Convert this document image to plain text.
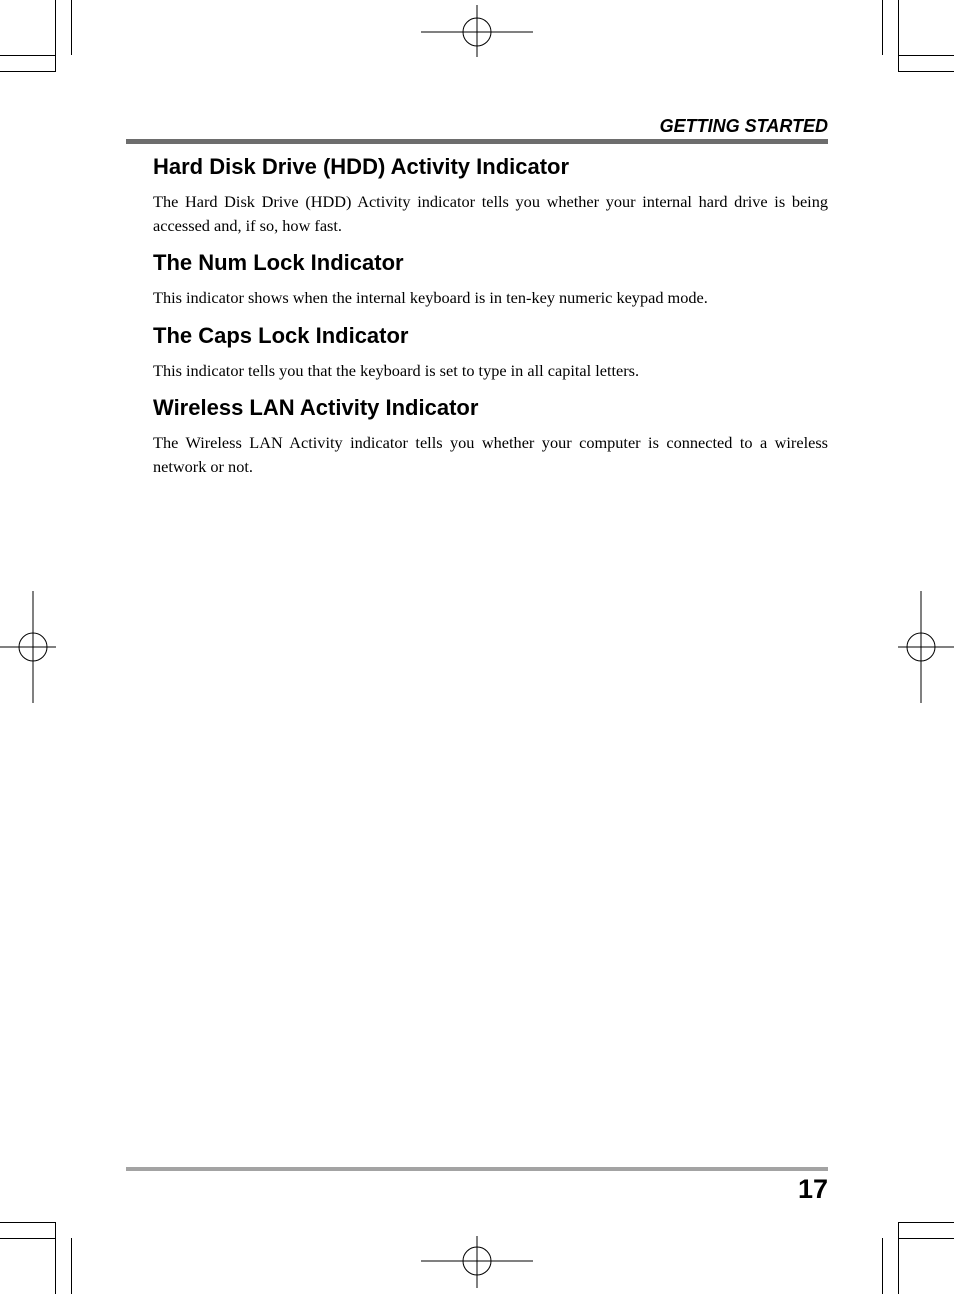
GETTING STARTED
Hard Disk Drive (HDD) Activity Indicator

The Hard Disk Drive (HDD) Activity indicator tells you whether your internal hard drive is being accessed and, if so, how fast.

The Num Lock Indicator

This indicator shows when the internal keyboard is in ten-key numeric keypad mode.

The Caps Lock Indicator

This indicator tells you that the keyboard is set to type in all capital letters.

Wireless LAN Activity Indicator

The Wireless LAN Activity indicator tells you whether your computer is connected to a wireless network or not.

17
